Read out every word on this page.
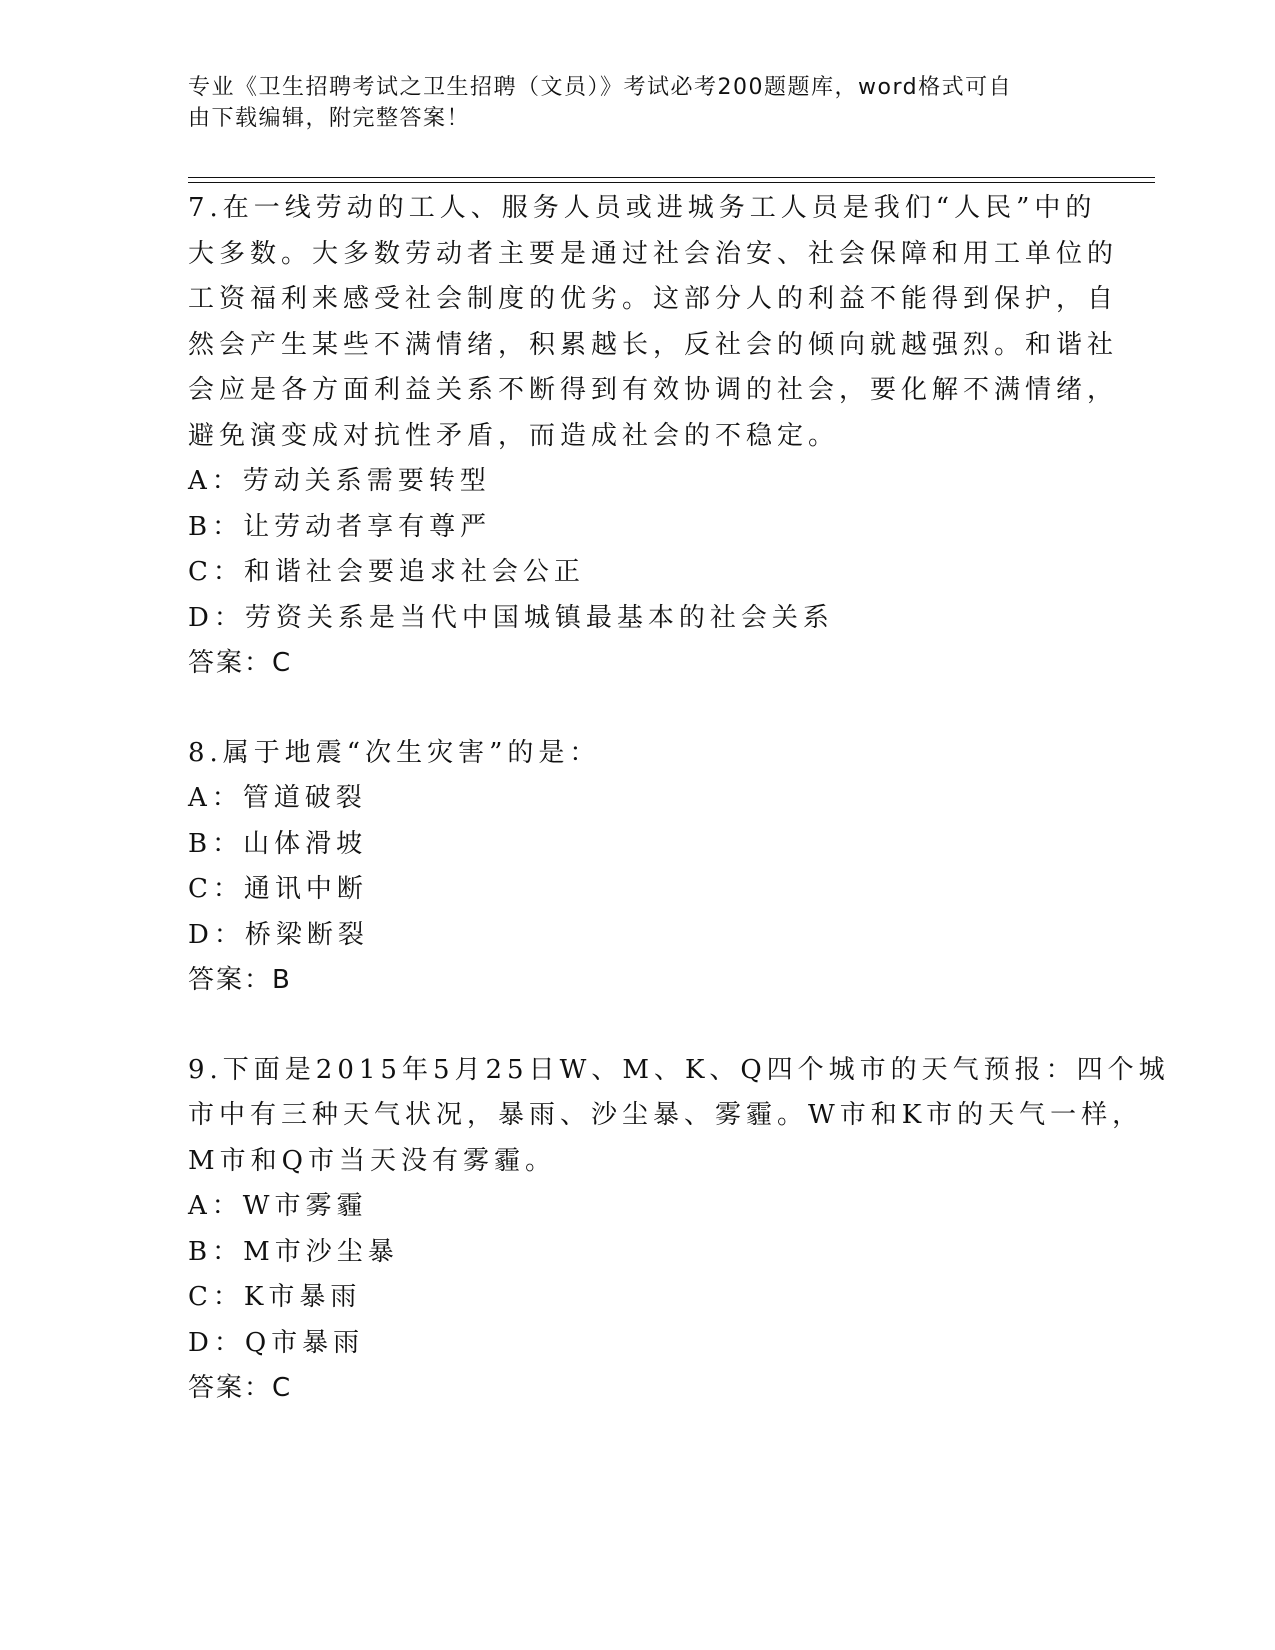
专业《卫生招聘考试之卫生招聘（文员）》考试必考200题题库，word格式可自
由下载编辑，附完整答案！
7.在一线劳动的工人、服务人员或进城务工人员是我们“人民”中的
大多数。大多数劳动者主要是通过社会治安、社会保障和用工单位的
工资福利来感受社会制度的优劣。这部分人的利益不能得到保护，自
然会产生某些不满情绪，积累越长，反社会的倾向就越强烈。和谐社
会应是各方面利益关系不断得到有效协调的社会，要化解不满情绪，
避免演变成对抗性矛盾，而造成社会的不稳定。
A：劳动关系需要转型
B：让劳动者享有尊严
C：和谐社会要追求社会公正
D：劳资关系是当代中国城镇最基本的社会关系
答案：C
8.属于地震“次生灾害”的是：
A：管道破裂
B：山体滑坡
C：通讯中断
D：桥梁断裂
答案：B
9.下面是2015年5月25日W、M、K、Q四个城市的天气预报：四个城
市中有三种天气状况，暴雨、沙尘暴、雾霾。W市和K市的天气一样，
M市和Q市当天没有雾霾。
A：W市雾霾
B：M市沙尘暴
C：K市暴雨
D：Q市暴雨
答案：C
